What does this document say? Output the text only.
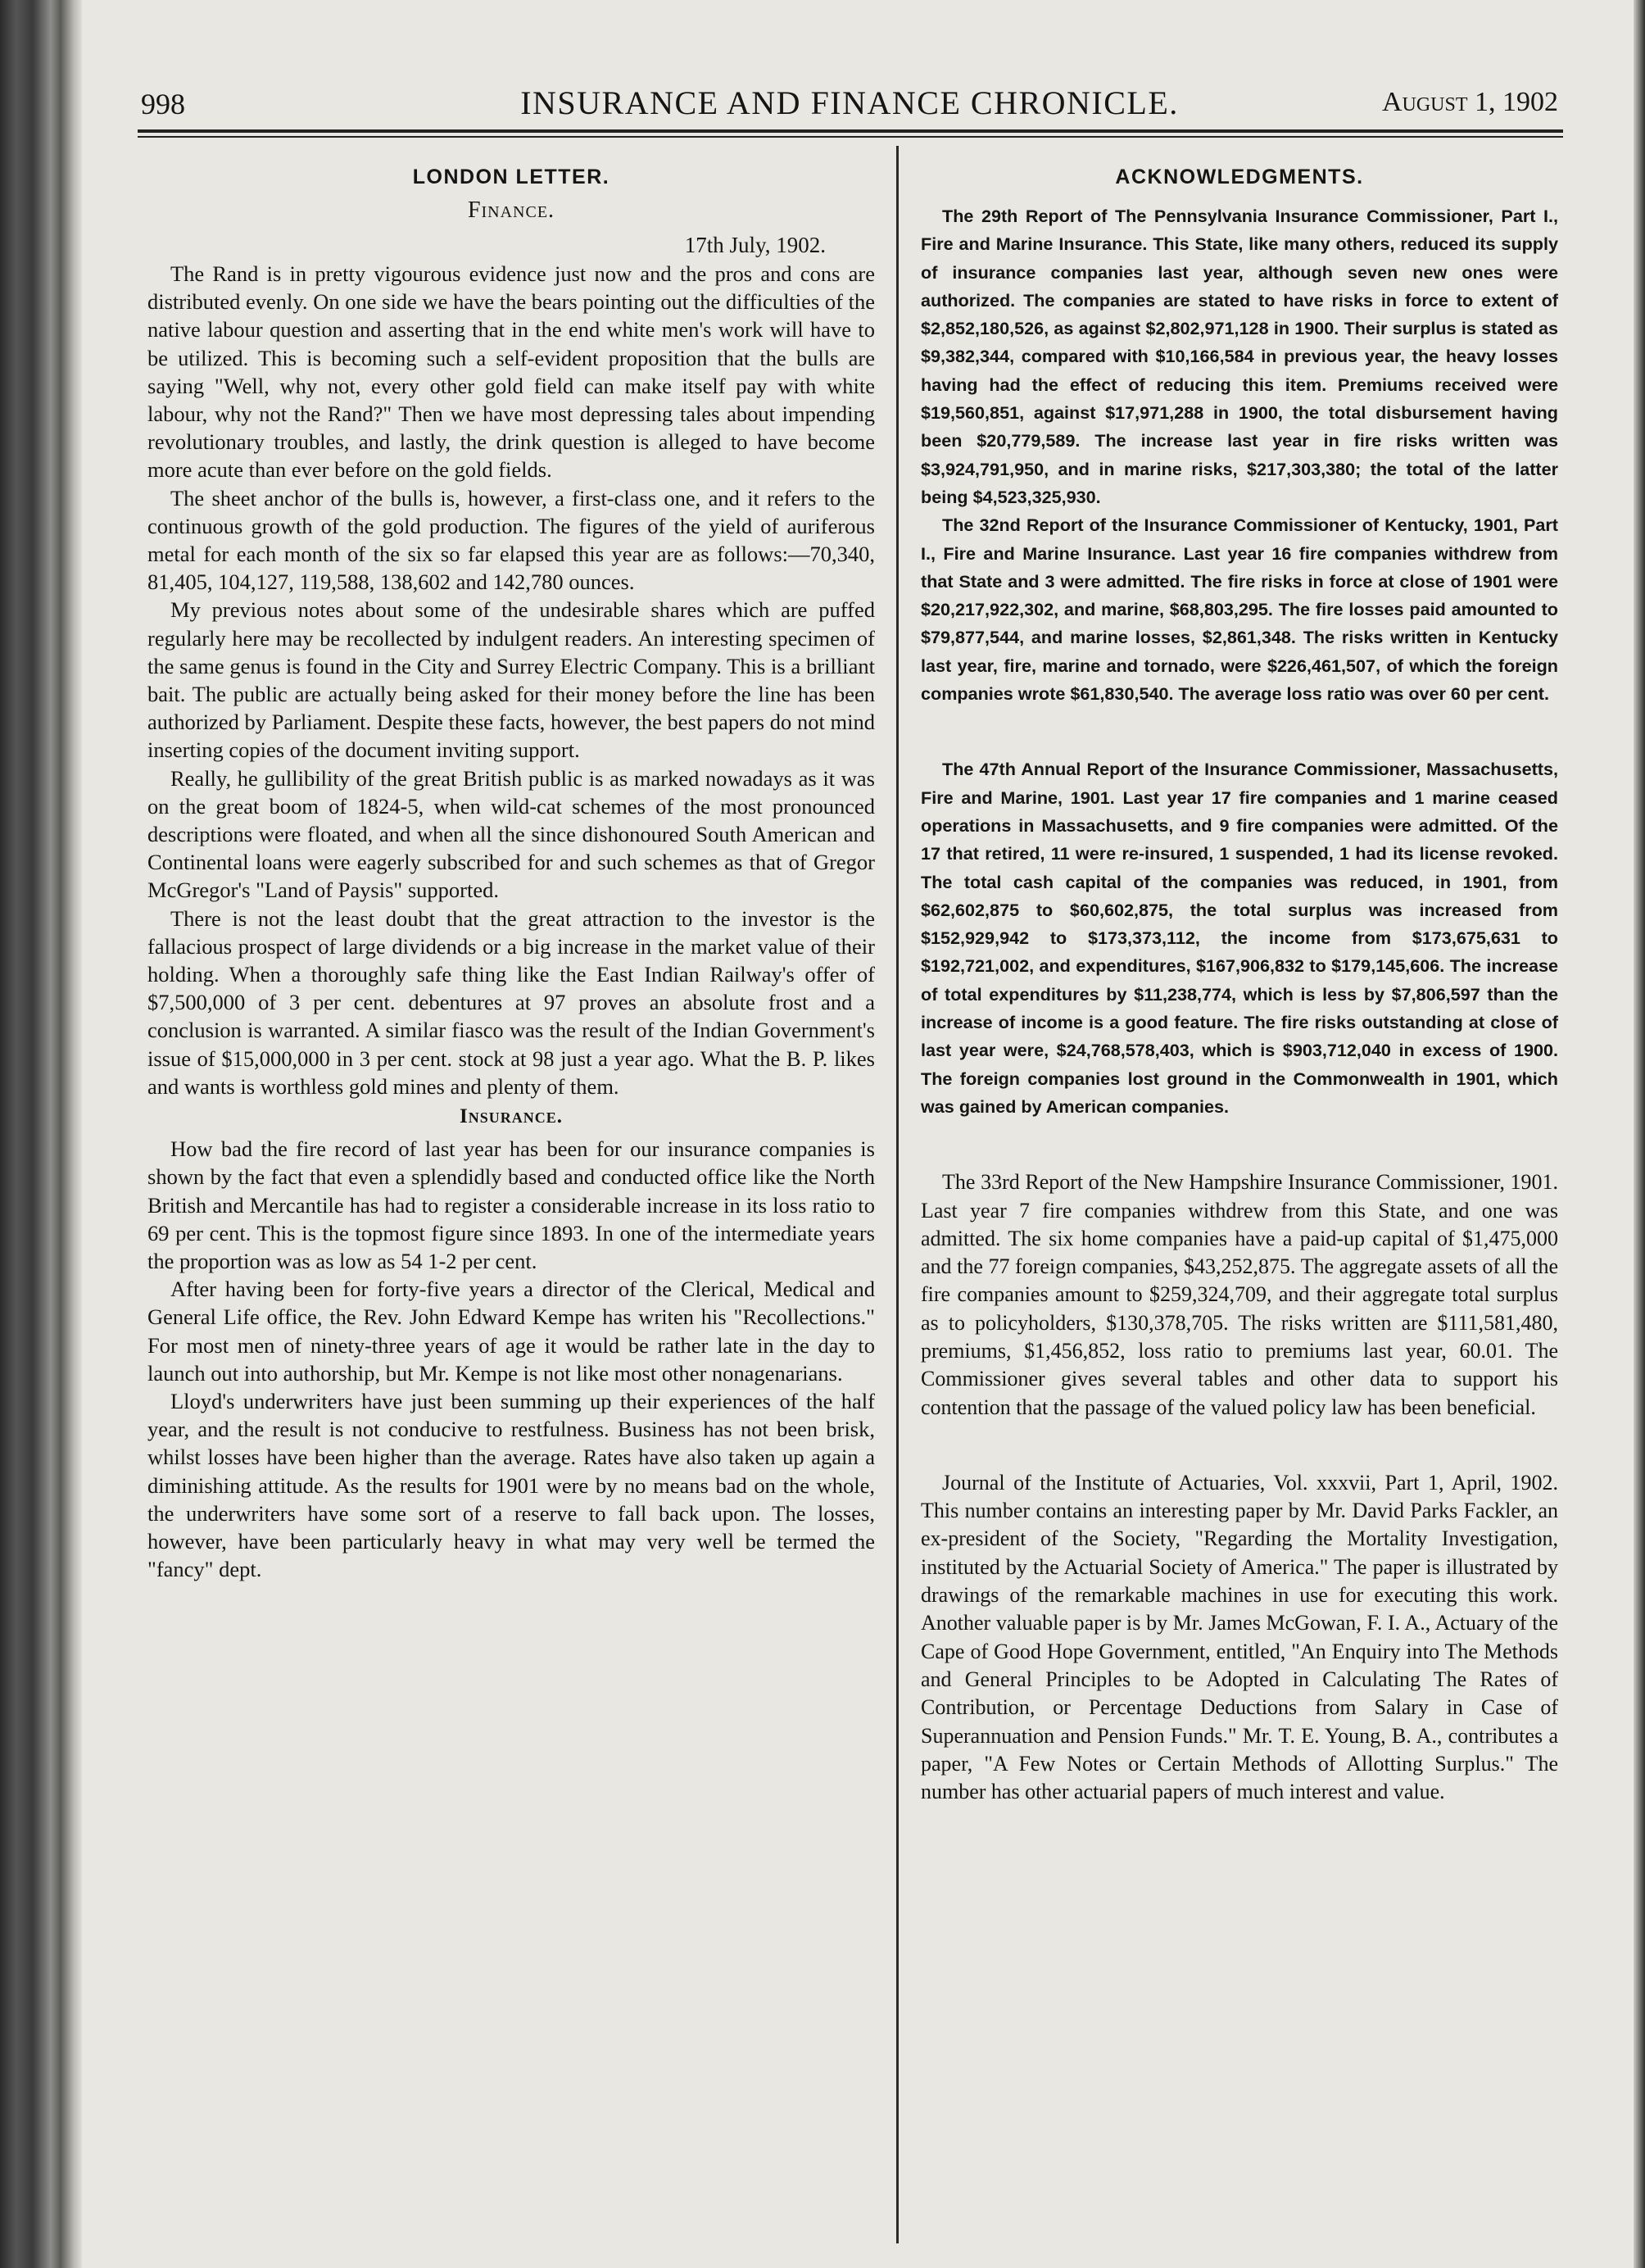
998	INSURANCE AND FINANCE CHRONICLE.	August 1, 1902
LONDON LETTER.
Finance.
17th July, 1902.

The Rand is in pretty vigourous evidence just now and the pros and cons are distributed evenly. On one side we have the bears pointing out the difficulties of the native labour question and asserting that in the end white men's work will have to be utilized. This is becoming such a self-evident proposition that the bulls are saying "Well, why not, every other gold field can make itself pay with white labour, why not the Rand?" Then we have most depressing tales about impending revolutionary troubles, and lastly, the drink question is alleged to have become more acute than ever before on the gold fields.

The sheet anchor of the bulls is, however, a first-class one, and it refers to the continuous growth of the gold production. The figures of the yield of auriferous metal for each month of the six so far elapsed this year are as follows:—70,340, 81,405, 104,127, 119,588, 138,602 and 142,780 ounces.

My previous notes about some of the undesirable shares which are puffed regularly here may be recollected by indulgent readers. An interesting specimen of the same genus is found in the City and Surrey Electric Company. This is a brilliant bait. The public are actually being asked for their money before the line has been authorized by Parliament. Despite these facts, however, the best papers do not mind inserting copies of the document inviting support.

Really, he gullibility of the great British public is as marked nowadays as it was on the great boom of 1824-5, when wild-cat schemes of the most pronounced descriptions were floated, and when all the since dishonoured South American and Continental loans were eagerly subscribed for and such schemes as that of Gregor McGregor's "Land of Paysis" supported.

There is not the least doubt that the great attraction to the investor is the fallacious prospect of large dividends or a big increase in the market value of their holding. When a thoroughly safe thing like the East Indian Railway's offer of $7,500,000 of 3 per cent. debentures at 97 proves an absolute frost and a conclusion is warranted. A similar fiasco was the result of the Indian Government's issue of $15,000,000 in 3 per cent. stock at 98 just a year ago. What the B. P. likes and wants is worthless gold mines and plenty of them.

Insurance.

How bad the fire record of last year has been for our insurance companies is shown by the fact that even a splendidly based and conducted office like the North British and Mercantile has had to register a considerable increase in its loss ratio to 69 per cent. This is the topmost figure since 1893. In one of the intermediate years the proportion was as low as 54 1-2 per cent.

After having been for forty-five years a director of the Clerical, Medical and General Life office, the Rev. John Edward Kempe has writen his "Recollections." For most men of ninety-three years of age it would be rather late in the day to launch out into authorship, but Mr. Kempe is not like most other nonagenarians.

Lloyd's underwriters have just been summing up their experiences of the half year, and the result is not conducive to restfulness. Business has not been brisk, whilst losses have been higher than the average. Rates have also taken up again a diminishing attitude. As the results for 1901 were by no means bad on the whole, the underwriters have some sort of a reserve to fall back upon. The losses, however, have been particularly heavy in what may very well be termed the "fancy" dept.

ACKNOWLEDGMENTS.

The 29th Report of The Pennsylvania Insurance Commissioner, Part I., Fire and Marine Insurance. This State, like many others, reduced its supply of insurance companies last year, although seven new ones were authorized. The companies are stated to have risks in force to extent of $2,852,180,526, as against $2,802,971,128 in 1900. Their surplus is stated as $9,382,344, compared with $10,166,584 in previous year, the heavy losses having had the effect of reducing this item. Premiums received were $19,560,851, against $17,971,288 in 1900, the total disbursement having been $20,779,589. The increase last year in fire risks written was $3,924,791,950, and in marine risks, $217,303,380; the total of the latter being $4,523,325,930.

The 32nd Report of the Insurance Commissioner of Kentucky, 1901, Part I., Fire and Marine Insurance. Last year 16 fire companies withdrew from that State and 3 were admitted. The fire risks in force at close of 1901 were $20,217,922,302, and marine, $68,803,295. The fire losses paid amounted to $79,877,544, and marine losses, $2,861,348. The risks written in Kentucky last year, fire, marine and tornado, were $226,461,507, of which the foreign companies wrote $61,830,540. The average loss ratio was over 60 per cent.

The 47th Annual Report of the Insurance Commissioner, Massachusetts, Fire and Marine, 1901. Last year 17 fire companies and 1 marine ceased operations in Massachusetts, and 9 fire companies were admitted. Of the 17 that retired, 11 were re-insured, 1 suspended, 1 had its license revoked. The total cash capital of the companies was reduced, in 1901, from $62,602,875 to $60,602,875, the total surplus was increased from $152,929,942 to $173,373,112, the income from $173,675,631 to $192,721,002, and expenditures, $167,906,832 to $179,145,606. The increase of total expenditures by $11,238,774, which is less by $7,806,597 than the increase of income is a good feature. The fire risks outstanding at close of last year were, $24,768,578,403, which is $903,712,040 in excess of 1900. The foreign companies lost ground in the Commonwealth in 1901, which was gained by American companies.

The 33rd Report of the New Hampshire Insurance Commissioner, 1901. Last year 7 fire companies withdrew from this State, and one was admitted. The six home companies have a paid-up capital of $1,475,000 and the 77 foreign companies, $43,252,875. The aggregate assets of all the fire companies amount to $259,324,709, and their aggregate total surplus as to policyholders, $130,378,705. The risks written are $111,581,480, premiums, $1,456,852, loss ratio to premiums last year, 60.01. The Commissioner gives several tables and other data to support his contention that the passage of the valued policy law has been beneficial.

Journal of the Institute of Actuaries, Vol. xxxvii, Part 1, April, 1902. This number contains an interesting paper by Mr. David Parks Fackler, an ex-president of the Society, "Regarding the Mortality Investigation, instituted by the Actuarial Society of America." The paper is illustrated by drawings of the remarkable machines in use for executing this work. Another valuable paper is by Mr. James McGowan, F. I. A., Actuary of the Cape of Good Hope Government, entitled, "An Enquiry into The Methods and General Principles to be Adopted in Calculating The Rates of Contribution, or Percentage Deductions from Salary in Case of Superannuation and Pension Funds." Mr. T. E. Young, B. A., contributes a paper, "A Few Notes or Certain Methods of Allotting Surplus." The number has other actuarial papers of much interest and value.
